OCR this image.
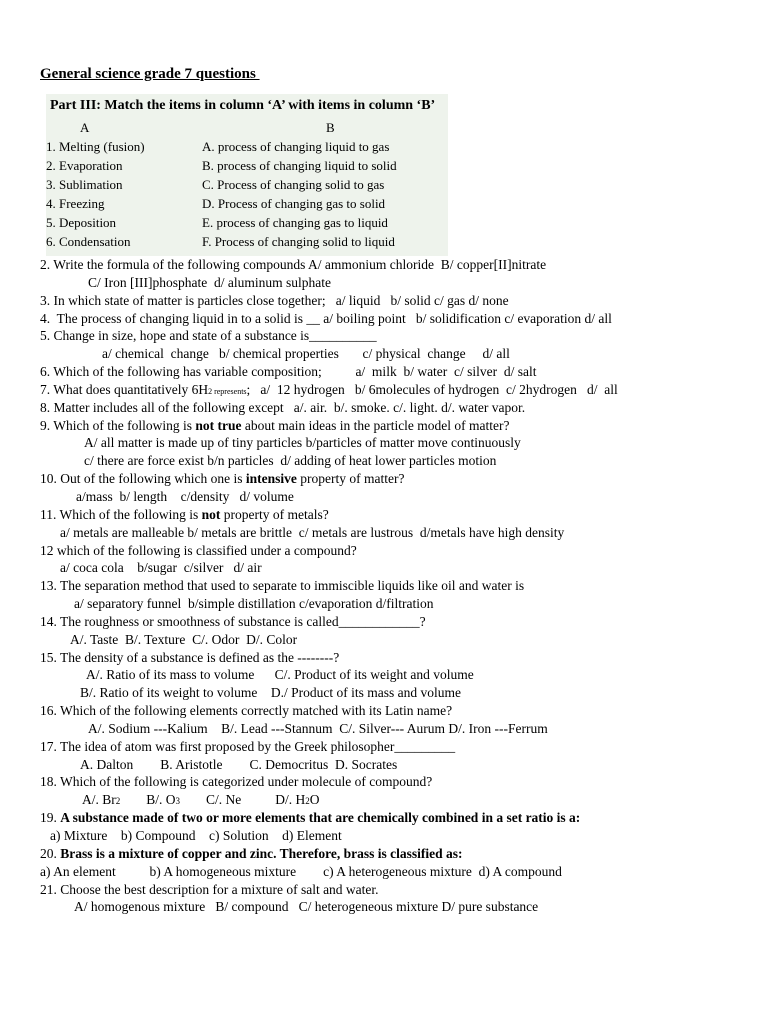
General science grade 7 questions
Part III: Match the items in column ‘A’ with items in column ‘B’
A	B
1. Melting (fusion)	A. process of changing liquid to gas
2. Evaporation	B. process of changing liquid to solid
3. Sublimation	C. Process of changing solid to gas
4. Freezing	D. Process of changing gas to solid
5. Deposition	E. process of changing gas to liquid
6. Condensation	F. Process of changing solid to liquid
2. Write the formula of the following compounds A/ ammonium chloride  B/ copper[II]nitrate
C/ Iron [III]phosphate  d/ aluminum sulphate
3. In which state of matter is particles close together;   a/ liquid   b/ solid c/ gas d/ none
4.  The process of changing liquid in to a solid is __ a/ boiling point   b/ solidification c/ evaporation d/ all
5. Change in size, hope and state of a substance is__________
a/ chemical  change   b/ chemical properties       c/ physical  change     d/ all
6. Which of the following has variable composition;          a/  milk  b/ water  c/ silver  d/ salt
7. What does quantitatively 6H2 represents;   a/  12 hydrogen   b/ 6molecules of hydrogen  c/ 2hydrogen   d/  all
8. Matter includes all of the following except   a/. air.  b/. smoke. c/. light. d/. water vapor.
9. Which of the following is not true about main ideas in the particle model of matter?
A/ all matter is made up of tiny particles b/particles of matter move continuously
c/ there are force exist b/n particles  d/ adding of heat lower particles motion
10. Out of the following which one is intensive property of matter?
a/mass  b/ length    c/density   d/ volume
11. Which of the following is not property of metals?
a/ metals are malleable b/ metals are brittle  c/ metals are lustrous  d/metals have high density
12 which of the following is classified under a compound?
a/ coca cola    b/sugar  c/silver   d/ air
13. The separation method that used to separate to immiscible liquids like oil and water is
a/ separatory funnel  b/simple distillation c/evaporation d/filtration
14. The roughness or smoothness of substance is called____________?
A/. Taste  B/. Texture  C/. Odor  D/. Color
15. The density of a substance is defined as the --------?
A/. Ratio of its mass to volume      C/. Product of its weight and volume
B/. Ratio of its weight to volume    D./ Product of its mass and volume
16. Which of the following elements correctly matched with its Latin name?
A/. Sodium ---Kalium    B/. Lead ---Stannum  C/. Silver--- Aurum D/. Iron ---Ferrum
17. The idea of atom was first proposed by the Greek philosopher_________
A. Dalton        B. Aristotle        C. Democritus  D. Socrates
18. Which of the following is categorized under molecule of compound?
A/. Br2 B/. O3 C/. Ne	D/. H2O
19. A substance made of two or more elements that are chemically combined in a set ratio is a:
a) Mixture    b) Compound    c) Solution    d) Element
20. Brass is a mixture of copper and zinc. Therefore, brass is classified as:
a) An element          b) A homogeneous mixture        c) A heterogeneous mixture  d) A compound
21. Choose the best description for a mixture of salt and water.
A/ homogenous mixture   B/ compound   C/ heterogeneous mixture D/ pure substance
